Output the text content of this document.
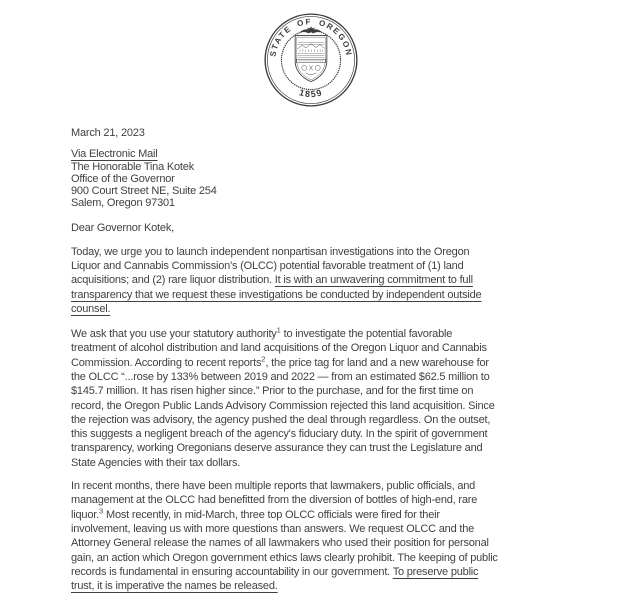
STATE OF OREGON
1859
March 21, 2023
Via Electronic Mail
The Honorable Tina Kotek
Office of the Governor
900 Court Street NE, Suite 254
Salem, Oregon 97301
Dear Governor Kotek,
Today, we urge you to launch independent nonpartisan investigations into the Oregon
Liquor and Cannabis Commission's (OLCC) potential favorable treatment of (1) land
acquisitions; and (2) rare liquor distribution. It is with an unwavering commitment to full
transparency that we request these investigations be conducted by independent outside
counsel.
We ask that you use your statutory authority$^1$ to investigate the potential favorable
treatment of alcohol distribution and land acquisitions of the Oregon Liquor and Cannabis
Commission. According to recent reports$^2$, the price tag for land and a new warehouse for
the OLCC “...rose by 133% between 2019 and 2022 — from an estimated $62.5 million to
$145.7 million. It has risen higher since.” Prior to the purchase, and for the first time on
record, the Oregon Public Lands Advisory Commission rejected this land acquisition. Since
the rejection was advisory, the agency pushed the deal through regardless. On the outset,
this suggests a negligent breach of the agency's fiduciary duty. In the spirit of government
transparency, working Oregonians deserve assurance they can trust the Legislature and
State Agencies with their tax dollars.
In recent months, there have been multiple reports that lawmakers, public officials, and
management at the OLCC had benefitted from the diversion of bottles of high-end, rare
liquor.$^3$ Most recently, in mid-March, three top OLCC officials were fired for their
involvement, leaving us with more questions than answers. We request OLCC and the
Attorney General release the names of all lawmakers who used their position for personal
gain, an action which Oregon government ethics laws clearly prohibit. The keeping of public
records is fundamental in ensuring accountability in our government. To preserve public
trust, it is imperative the names be released.
